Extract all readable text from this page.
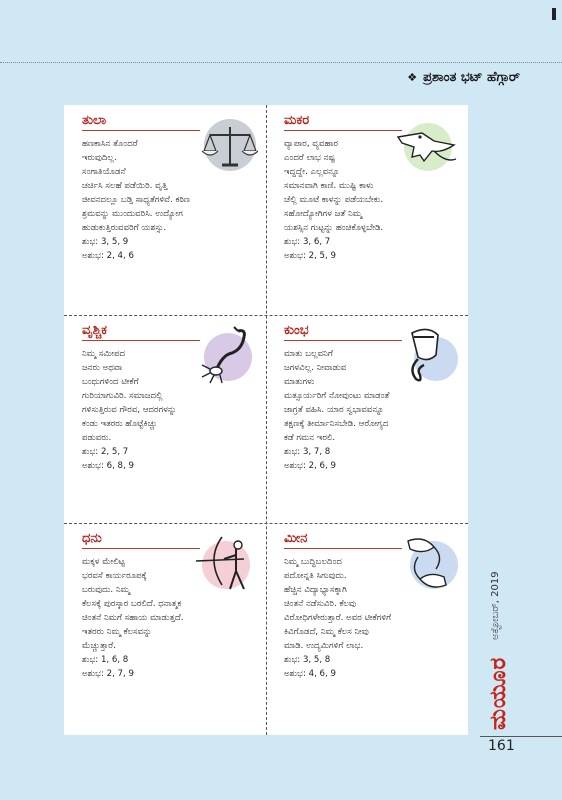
❖ ಪ್ರಶಾಂತ ಭಟ್ ಹೆಗ್ಗಾರ್
ತುಲಾ
ಹಣಕಾಸಿನ ತೊಂದರೆ
ಇರುವುದಿಲ್ಲ.
ಸಂಗಾತಿಯೊಡನೆ
ಚರ್ಚಿಸಿ ಸಲಹೆ ಪಡೆಯಿರಿ. ವೃತ್ತಿ
ಜೀವನದಲ್ಲೂ ಬಡ್ತಿ ಸಾಧ್ಯತೆಗಳಿವೆ. ಕಠಿಣ
ಶ್ರಮವನ್ನು ಮುಂದುವರಿಸಿ. ಉದ್ಯೋಗ
ಹುಡುಕುತ್ತಿರುವವರಿಗೆ ಯಶಸ್ಸು.
ಶುಭ: 3, 5, 9
ಅಶುಭ: 2, 4, 6
ಮಕರ
ವ್ಯಾಪಾರ, ವ್ಯವಹಾರ
ಎಂದರೆ ಲಾಭ ನಷ್ಟ
ಇದ್ದದ್ದೇ. ಎಲ್ಲವನ್ನೂ
ಸಮಾನವಾಗಿ ಕಾಣಿ. ಮುಷ್ಟಿ ಕಾಳು
ಚೆಲ್ಲಿ ಮೂಟೆ ಕಾಳನ್ನು ಪಡೆಯಬೇಕು.
ಸಹೋದ್ಯೋಗಿಗಳ ಜತೆ ನಿಮ್ಮ
ಯಶಸ್ಸಿನ ಗುಟ್ಟನ್ನು ಹಂಚಿಕೊಳ್ಳಬೇಡಿ.
ಶುಭ: 3, 6, 7
ಅಶುಭ: 2, 5, 9
ವೃಶ್ಚಿಕ
ನಿಮ್ಮ ಸಮೀಪದ
ಜನರು ಅಥವಾ
ಬಂಧುಗಳಿಂದ ಟೀಕೆಗೆ
ಗುರಿಯಾಗುವಿರಿ. ಸಮಾಜದಲ್ಲಿ
ಗಳಿಸುತ್ತಿರುವ ಗೌರವ, ಆದರಗಳನ್ನು
ಕಂಡು ಇತರರು ಹೊಟ್ಟೆಕಿಚ್ಚು
ಪಡುವರು.
ಶುಭ: 2, 5, 7
ಅಶುಭ: 6, 8, 9
ಕುಂಭ
ಮಾತು ಬಲ್ಲವನಿಗೆ
ಜಗಳವಿಲ್ಲ. ನೀವಾಡುವ
ಮಾತುಗಳು
ಮತ್ಸೂರ್ಯರಿಗೆ ನೋವುಂಟು ಮಾಡಂತೆ
ಜಾಗ್ರತೆ ವಹಿಸಿ. ಯಾರ ಸ್ವಭಾವವನ್ನೂ
ತಕ್ಷಣಕ್ಕೆ ತೀರ್ಮಾನಿಸಬೇಡಿ. ಆರೋಗ್ಯದ
ಕಡೆ ಗಮನ ಇರಲಿ.
ಶುಭ: 3, 7, 8
ಅಶುಭ: 2, 6, 9
ಧನು
ಮಕ್ಕಳ ಮೇಲಿಟ್ಟ
ಭರವಸೆ ಕಾರ್ಯರೂಪಕ್ಕೆ
ಬರುವುದು. ನಿಮ್ಮ
ಕೆಲಸಕ್ಕೆ ಪುರಸ್ಕಾರ ಬರಲಿದೆ. ಧನಾತ್ಮಕ
ಚಿಂತನೆ ನಿಮಗೆ ಸಹಾಯ ಮಾಡುತ್ತದೆ.
ಇತರರು ನಿಮ್ಮ ಕೆಲಸವನ್ನು
ಮೆಚ್ಚುತ್ತಾರೆ.
ಶುಭ: 1, 6, 8
ಅಶುಭ: 2, 7, 9
ಮೀನ
ನಿಮ್ಮ ಬುದ್ಧಿಬಲದಿಂದ
ಪದೋನ್ನತಿ ಸಿಗುವುದು.
ಹೆಚ್ಚಿನ ವಿದ್ಯಾಭ್ಯಾಸಕ್ಕಾಗಿ
ಚಿಂತನೆ ನಡೆಸುವಿರಿ. ಕೆಲವು
ವಿರೋಧಿಗಳೇರುತ್ತಾರೆ. ಅವರ ಟೀಕೆಗಳಿಗೆ
ಕಿವಿಗೊಡದೆ, ನಿಮ್ಮ ಕೆಲಸ ನೀವು
ಮಾಡಿ. ಉದ್ಯಮಿಗಳಿಗೆ ಲಾಭ.
ಶುಭ: 3, 5, 8
ಅಶುಭ: 4, 6, 9
ಅಕ್ಟೋಬರ್, 2019
ಮಯೂರ
161
